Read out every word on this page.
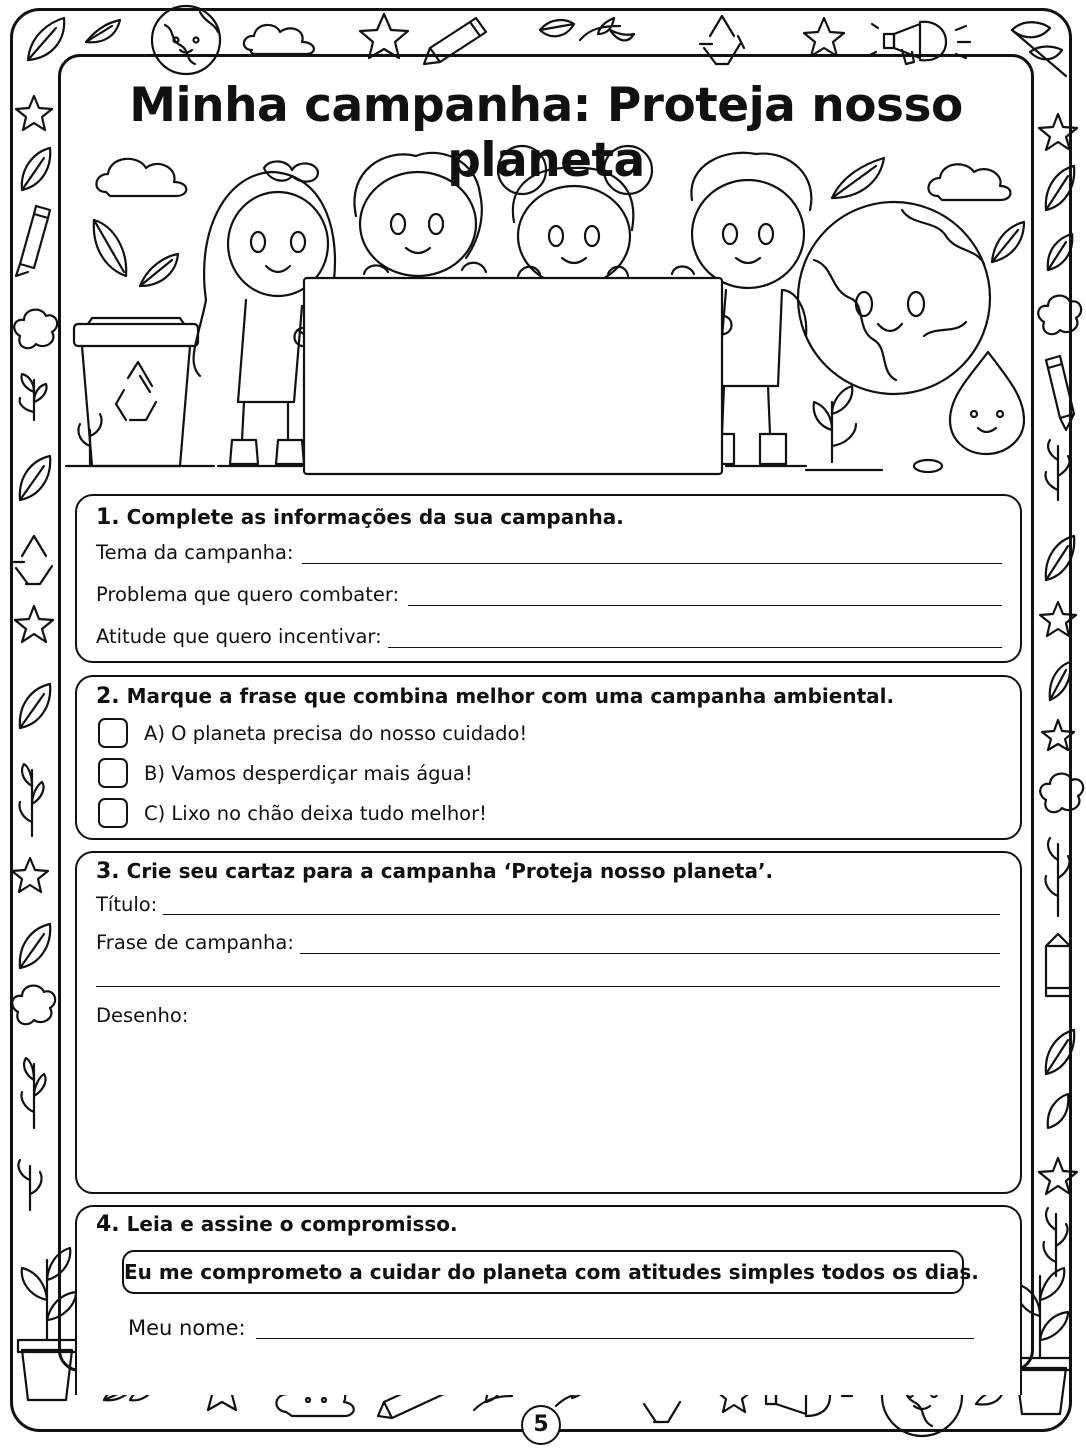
Minha campanha: Proteja nosso planeta
1. Complete as informações da sua campanha.
Tema da campanha:
Problema que quero combater:
Atitude que quero incentivar:
2. Marque a frase que combina melhor com uma campanha ambiental.
A) O planeta precisa do nosso cuidado!
B) Vamos desperdiçar mais água!
C) Lixo no chão deixa tudo melhor!
3. Crie seu cartaz para a campanha ‘Proteja nosso planeta’.
Título:
Frase de campanha:
Desenho:
4. Leia e assine o compromisso.
Eu me comprometo a cuidar do planeta com atitudes simples todos os dias.
Meu nome:
5
